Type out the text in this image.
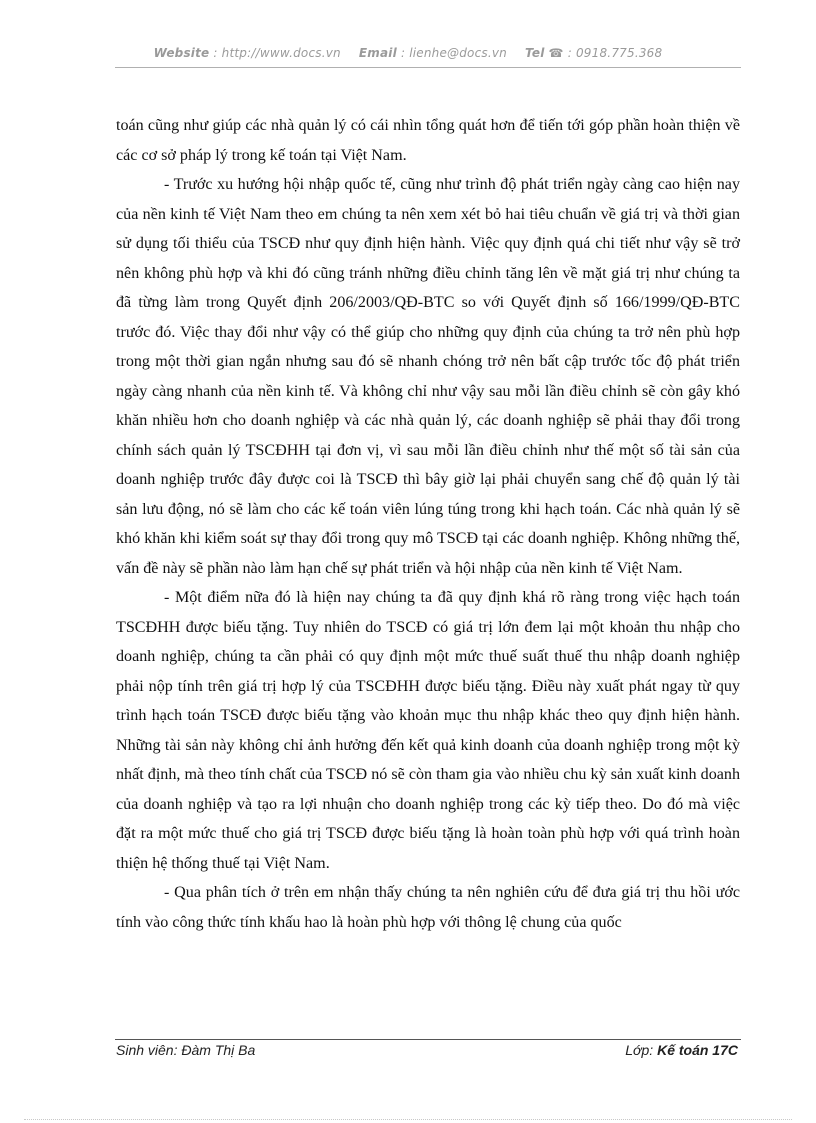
Website : http://www.docs.vn Email : lienhe@docs.vn Tel ☎ : 0918.775.368

toán cũng như giúp các nhà quản lý có cái nhìn tổng quát hơn để tiến tới góp phần hoàn thiện về các cơ sở pháp lý trong kế toán tại Việt Nam.

- Trước xu hướng hội nhập quốc tế, cũng như trình độ phát triển ngày càng cao hiện nay của nền kinh tế Việt Nam theo em chúng ta nên xem xét bỏ hai tiêu chuẩn về giá trị và thời gian sử dụng tối thiểu của TSCĐ như quy định hiện hành. Việc quy định quá chi tiết như vậy sẽ trở nên không phù hợp và khi đó cũng tránh những điều chỉnh tăng lên về mặt giá trị như chúng ta đã từng làm trong Quyết định 206/2003/QĐ-BTC so với Quyết định số 166/1999/QĐ-BTC trước đó. Việc thay đổi như vậy có thể giúp cho những quy định của chúng ta trở nên phù hợp trong một thời gian ngắn nhưng sau đó sẽ nhanh chóng trở nên bất cập trước tốc độ phát triển ngày càng nhanh của nền kinh tế. Và không chỉ như vậy sau mỗi lần điều chỉnh sẽ còn gây khó khăn nhiều hơn cho doanh nghiệp và các nhà quản lý, các doanh nghiệp sẽ phải thay đổi trong chính sách quản lý TSCĐHH tại đơn vị, vì sau mỗi lần điều chỉnh như thế một số tài sản của doanh nghiệp trước đây được coi là TSCĐ thì bây giờ lại phải chuyển sang chế độ quản lý tài sản lưu động, nó sẽ làm cho các kế toán viên lúng túng trong khi hạch toán. Các nhà quản lý sẽ khó khăn khi kiểm soát sự thay đổi trong quy mô TSCĐ tại các doanh nghiệp. Không những thế, vấn đề này sẽ phần nào làm hạn chế sự phát triển và hội nhập của nền kinh tế Việt Nam.

- Một điểm nữa đó là hiện nay chúng ta đã quy định khá rõ ràng trong việc hạch toán TSCĐHH được biếu tặng. Tuy nhiên do TSCĐ có giá trị lớn đem lại một khoản thu nhập cho doanh nghiệp, chúng ta cần phải có quy định một mức thuế suất thuế thu nhập doanh nghiệp phải nộp tính trên giá trị hợp lý của TSCĐHH được biếu tặng. Điều này xuất phát ngay từ quy trình hạch toán TSCĐ được biếu tặng vào khoản mục thu nhập khác theo quy định hiện hành. Những tài sản này không chỉ ảnh hưởng đến kết quả kinh doanh của doanh nghiệp trong một kỳ nhất định, mà theo tính chất của TSCĐ nó sẽ còn tham gia vào nhiều chu kỳ sản xuất kinh doanh của doanh nghiệp và tạo ra lợi nhuận cho doanh nghiệp trong các kỳ tiếp theo. Do đó mà việc đặt ra một mức thuế cho giá trị TSCĐ được biếu tặng là hoàn toàn phù hợp với quá trình hoàn thiện hệ thống thuế tại Việt Nam.

- Qua phân tích ở trên em nhận thấy chúng ta nên nghiên cứu để đưa giá trị thu hồi ước tính vào công thức tính khấu hao là hoàn phù hợp với thông lệ chung của quốc

Sinh viên: Đàm Thị Ba	Lớp: Kế toán 17C
